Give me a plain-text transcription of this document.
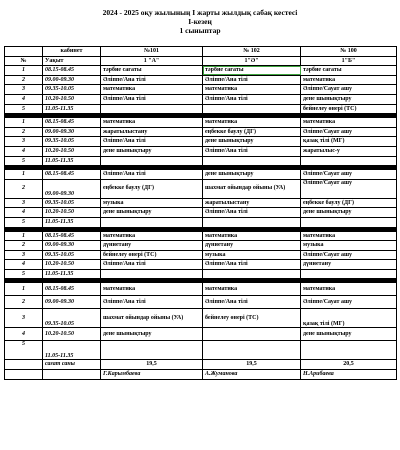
2024 - 2025 оқу жылының І жарты жылдық сабақ кестесі
І-кезең
1 сыныптар
	кабинет	№101	№ 102	№ 100
№	Уақыт	1 "А"	1"Ә"	1"Б"
1	08.15-08.45	тәрбие сағаты	тәрбие сағаты	тәрбие сағаты
2	09.00-09.30	Әліппе/Ана тілі	Әліппе/Ана тілі	математика
3	09.35-10.05	математика	математика	Әліппе/Сауат ашу
4	10.20-10.50	Әліппе/Ана тілі	Әліппе/Ана тілі	дене шынықтыру
5	11.05-11.35			бейнелеу өнері (ТС)

1	08.15-08.45	математика	математика	математика
2	09.00-09.30	жаратылыстану	еңбекке баулу (ДГ)	Әліппе/Сауат ашу
3	09.35-10.05	Әліппе/Ана тілі	дене шынықтыру	қазақ тілі (МГ)
4	10.20-10.50	дене шынықтыру	Әліппе/Ана тілі	жаратылыс-у
5	11.05-11.35			

1	08.15-08.45	Әліппе/Ана тілі	дене шынықтыру	Әліппе/Сауат ашу
2	09.00-09.30	еңбекке баулу (ДГ)	шахмат ойындар ойыны (УА)	Әліппе/Сауат ашу
3	09.35-10.05	музыка	жаратылыстану	еңбекке баулу (ДГ)
4	10.20-10.50	дене шынықтыру	Әліппе/Ана тілі	дене шынықтыру
5	11.05-11.35			

1	08.15-08.45	математика	математика	математика
2	09.00-09.30	дүниетану	дүниетану	музыка
3	09.35-10.05	бейнелеу өнері (ТС)	музыка	Әліппе/Сауат ашу
4	10.20-10.50	Әліппе/Ана тілі	Әліппе/Ана тілі	дүниетану
5	11.05-11.35			

1	08.15-08.45	математика	математика	математика
2	09.00-09.30	Әліппе/Ана тілі	Әліппе/Ана тілі	Әліппе/Сауат ашу
3	09.35-10.05	шахмат ойындар ойыны (УА)	бейнелеу өнері (ТС)	қазақ тілі (МГ)
4	10.20-10.50	дене шынықтыру		дене шынықтыру
5	11.05-11.35			
	сағат саны	19,5	19,5	20,5
		Г.Карымбаева	А.Жуманова	Н.Арибаева
